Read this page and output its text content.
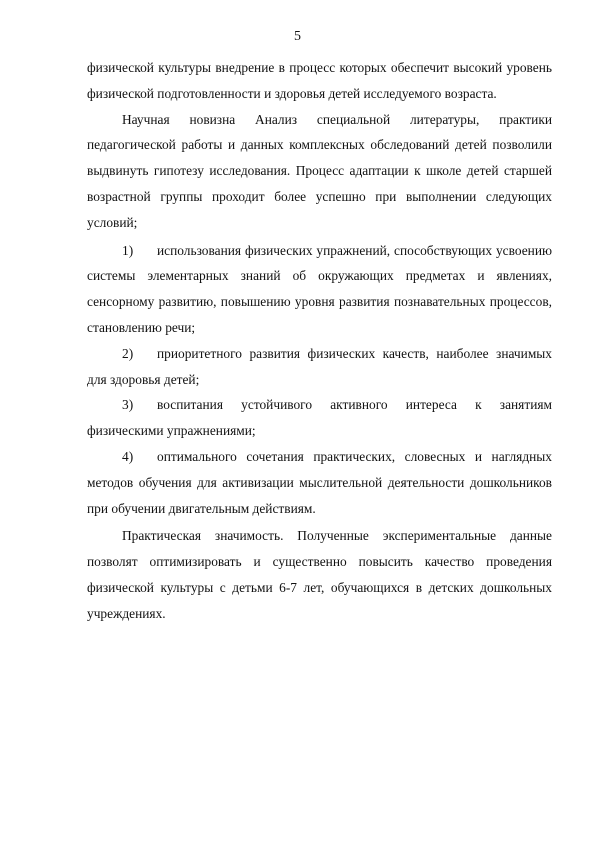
5

физической культуры внедрение в процесс которых обеспечит высокий уровень физической подготовленности и здоровья детей исследуемого возраста.

Научная новизна Анализ специальной литературы, практики педагогической работы и данных комплексных обследований детей позволили выдвинуть гипотезу исследования. Процесс адаптации к школе детей старшей возрастной группы проходит более успешно при выполнении следующих условий;

1) использования физических упражнений, способствующих усвоению системы элементарных знаний об окружающих предметах и явлениях, сенсорному развитию, повышению уровня развития познавательных процессов, становлению речи;

2) приоритетного развития физических качеств, наиболее значимых для здоровья детей;

3) воспитания устойчивого активного интереса к занятиям физическими упражнениями;

4) оптимального сочетания практических, словесных и наглядных методов обучения для активизации мыслительной деятельности дошкольников при обучении двигательным действиям.

Практическая значимость. Полученные экспериментальные данные позволят оптимизировать и существенно повысить качество проведения физической культуры с детьми 6-7 лет, обучающихся в детских дошкольных учреждениях.
